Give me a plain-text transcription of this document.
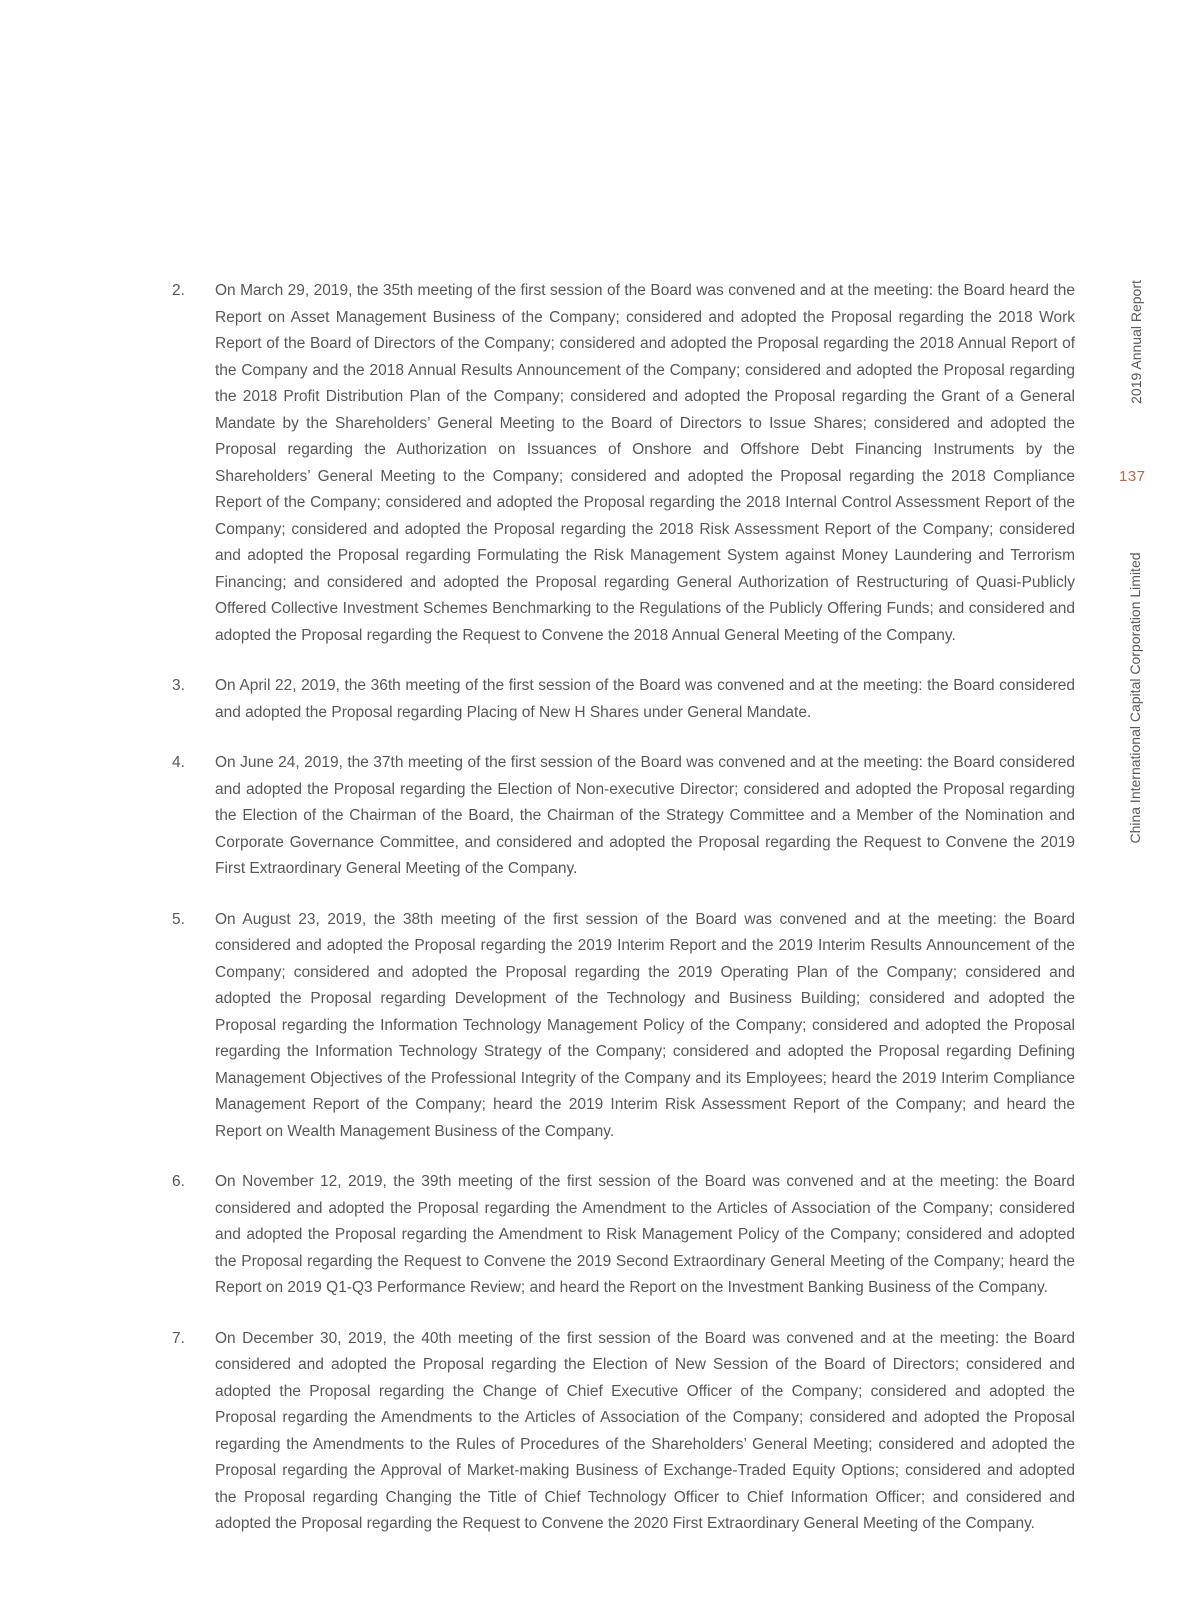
2.	On March 29, 2019, the 35th meeting of the first session of the Board was convened and at the meeting: the Board heard the Report on Asset Management Business of the Company; considered and adopted the Proposal regarding the 2018 Work Report of the Board of Directors of the Company; considered and adopted the Proposal regarding the 2018 Annual Report of the Company and the 2018 Annual Results Announcement of the Company; considered and adopted the Proposal regarding the 2018 Profit Distribution Plan of the Company; considered and adopted the Proposal regarding the Grant of a General Mandate by the Shareholders’ General Meeting to the Board of Directors to Issue Shares; considered and adopted the Proposal regarding the Authorization on Issuances of Onshore and Offshore Debt Financing Instruments by the Shareholders’ General Meeting to the Company; considered and adopted the Proposal regarding the 2018 Compliance Report of the Company; considered and adopted the Proposal regarding the 2018 Internal Control Assessment Report of the Company; considered and adopted the Proposal regarding the 2018 Risk Assessment Report of the Company; considered and adopted the Proposal regarding Formulating the Risk Management System against Money Laundering and Terrorism Financing; and considered and adopted the Proposal regarding General Authorization of Restructuring of Quasi-Publicly Offered Collective Investment Schemes Benchmarking to the Regulations of the Publicly Offering Funds; and considered and adopted the Proposal regarding the Request to Convene the 2018 Annual General Meeting of the Company.

3.	On April 22, 2019, the 36th meeting of the first session of the Board was convened and at the meeting: the Board considered and adopted the Proposal regarding Placing of New H Shares under General Mandate.

4.	On June 24, 2019, the 37th meeting of the first session of the Board was convened and at the meeting: the Board considered and adopted the Proposal regarding the Election of Non-executive Director; considered and adopted the Proposal regarding the Election of the Chairman of the Board, the Chairman of the Strategy Committee and a Member of the Nomination and Corporate Governance Committee, and considered and adopted the Proposal regarding the Request to Convene the 2019 First Extraordinary General Meeting of the Company.

5.	On August 23, 2019, the 38th meeting of the first session of the Board was convened and at the meeting: the Board considered and adopted the Proposal regarding the 2019 Interim Report and the 2019 Interim Results Announcement of the Company; considered and adopted the Proposal regarding the 2019 Operating Plan of the Company; considered and adopted the Proposal regarding Development of the Technology and Business Building; considered and adopted the Proposal regarding the Information Technology Management Policy of the Company; considered and adopted the Proposal regarding the Information Technology Strategy of the Company; considered and adopted the Proposal regarding Defining Management Objectives of the Professional Integrity of the Company and its Employees; heard the 2019 Interim Compliance Management Report of the Company; heard the 2019 Interim Risk Assessment Report of the Company; and heard the Report on Wealth Management Business of the Company.

6.	On November 12, 2019, the 39th meeting of the first session of the Board was convened and at the meeting: the Board considered and adopted the Proposal regarding the Amendment to the Articles of Association of the Company; considered and adopted the Proposal regarding the Amendment to Risk Management Policy of the Company; considered and adopted the Proposal regarding the Request to Convene the 2019 Second Extraordinary General Meeting of the Company; heard the Report on 2019 Q1-Q3 Performance Review; and heard the Report on the Investment Banking Business of the Company.

7.	On December 30, 2019, the 40th meeting of the first session of the Board was convened and at the meeting: the Board considered and adopted the Proposal regarding the Election of New Session of the Board of Directors; considered and adopted the Proposal regarding the Change of Chief Executive Officer of the Company; considered and adopted the Proposal regarding the Amendments to the Articles of Association of the Company; considered and adopted the Proposal regarding the Amendments to the Rules of Procedures of the Shareholders’ General Meeting; considered and adopted the Proposal regarding the Approval of Market-making Business of Exchange-Traded Equity Options; considered and adopted the Proposal regarding Changing the Title of Chief Technology Officer to Chief Information Officer; and considered and adopted the Proposal regarding the Request to Convene the 2020 First Extraordinary General Meeting of the Company.

2019 Annual Report
137
China International Capital Corporation Limited
